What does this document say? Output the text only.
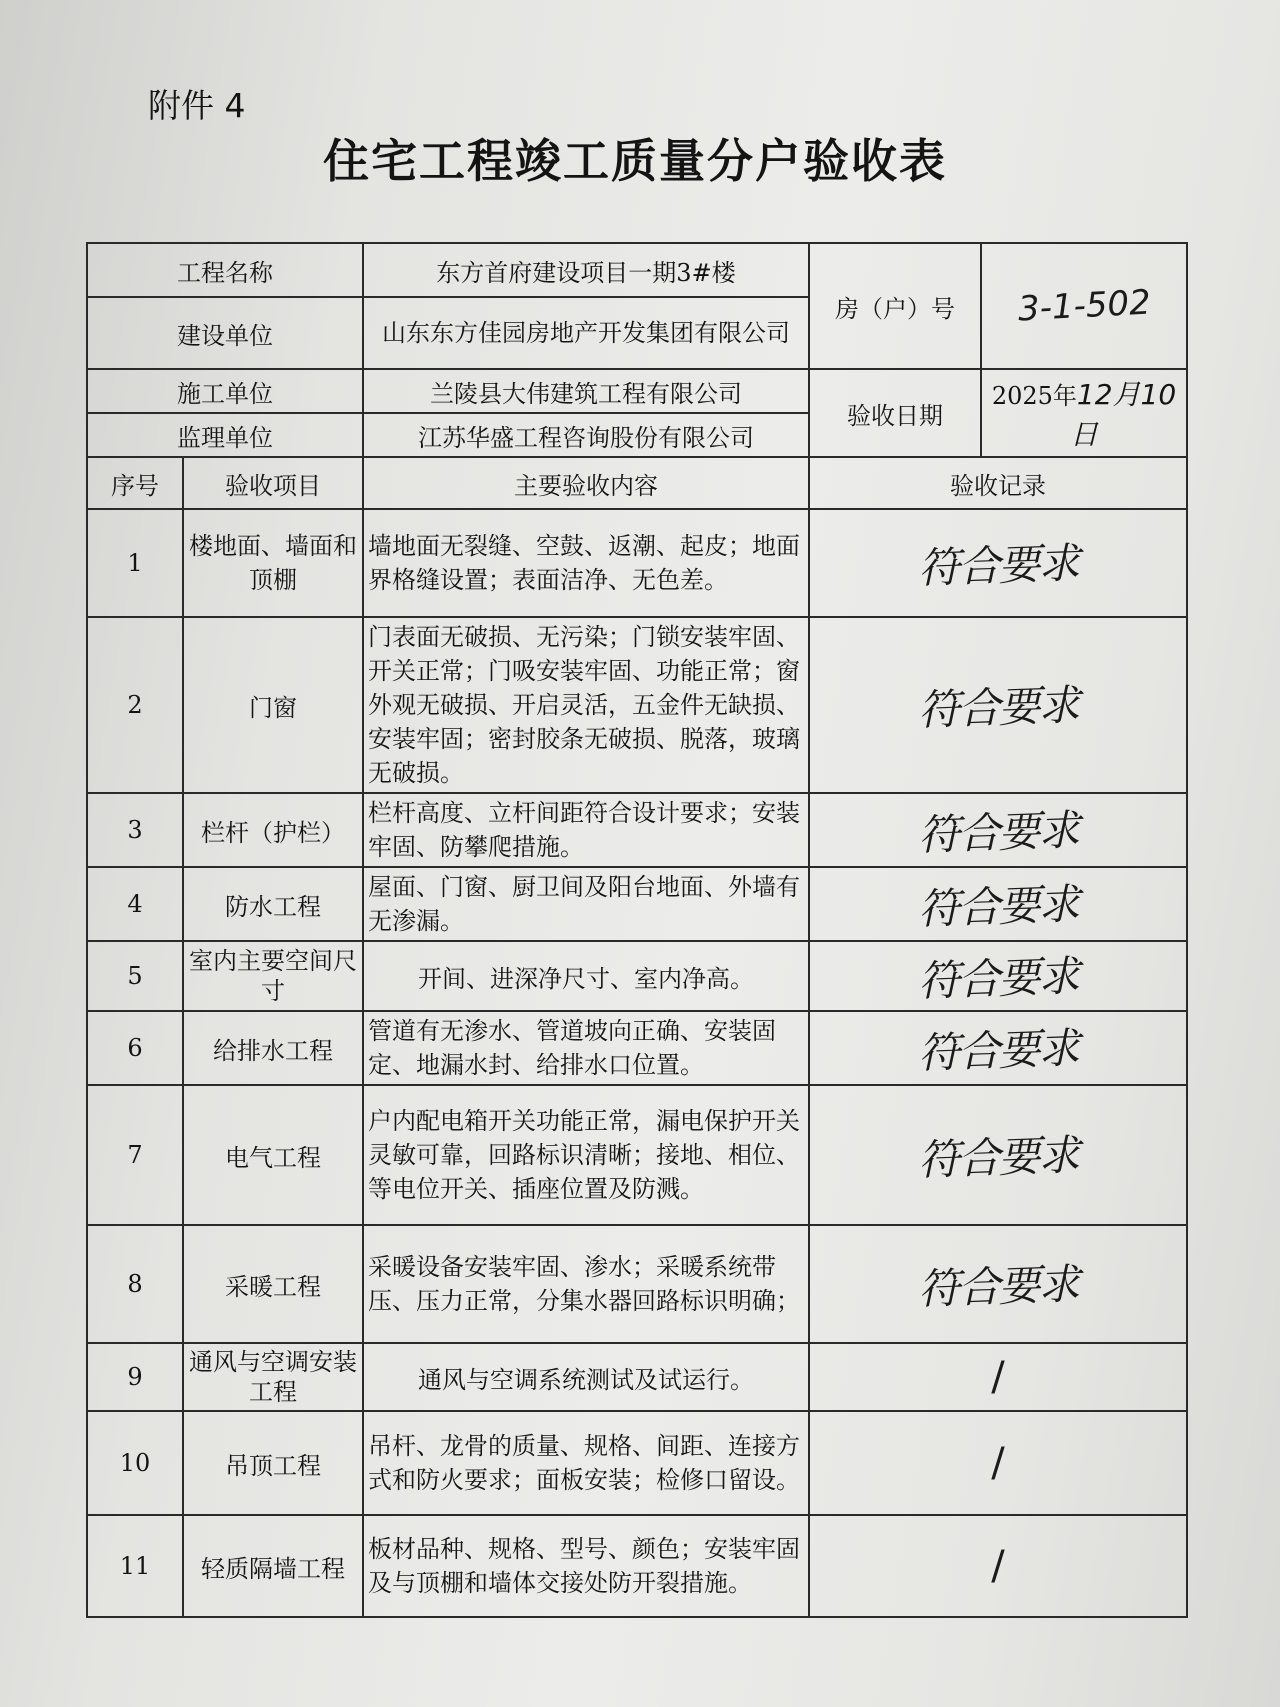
附件 4
住宅工程竣工质量分户验收表
工程名称		东方首府建设项目一期3#楼	房（户）号	3-1-502
建设单位		山东东方佳园房地产开发集团有限公司		
施工单位		兰陵县大伟建筑工程有限公司	验收日期	2025年12月10日
监理单位		江苏华盛工程咨询股份有限公司		
序号	验收项目	主要验收内容	验收记录	
1	楼地面、墙面和顶棚	墙地面无裂缝、空鼓、返潮、起皮；地面界格缝设置；表面洁净、无色差。	符合要求	
2	门窗	门表面无破损、无污染；门锁安装牢固、开关正常；门吸安装牢固、功能正常；窗外观无破损、开启灵活，五金件无缺损、 安装牢固；密封胶条无破损、脱落，玻璃无破损。	符合要求	
3	栏杆（护栏）	栏杆高度、立杆间距符合设计要求；安装牢固、防攀爬措施。	符合要求	
4	防水工程	屋面、门窗、厨卫间及阳台地面、外墙有无渗漏。	符合要求	
5	室内主要空间尺寸	开间、进深净尺寸、室内净高。	符合要求	
6	给排水工程	管道有无渗水、管道坡向正确、安装固定、地漏水封、给排水口位置。	符合要求	
7	电气工程	户内配电箱开关功能正常，漏电保护开关灵敏可靠，回路标识清晰；接地、相位、等电位开关、插座位置及防溅。	符合要求	
8	采暖工程	采暖设备安装牢固、渗水；采暖系统带压、压力正常，分集水器回路标识明确；	符合要求	
9	通风与空调安装工程	通风与空调系统测试及试运行。	/	
10	吊顶工程	吊杆、龙骨的质量、规格、间距、连接方式和防火要求；面板安装；检修口留设。	/	
11	轻质隔墙工程	板材品种、规格、型号、颜色；安装牢固及与顶棚和墙体交接处防开裂措施。	/	
